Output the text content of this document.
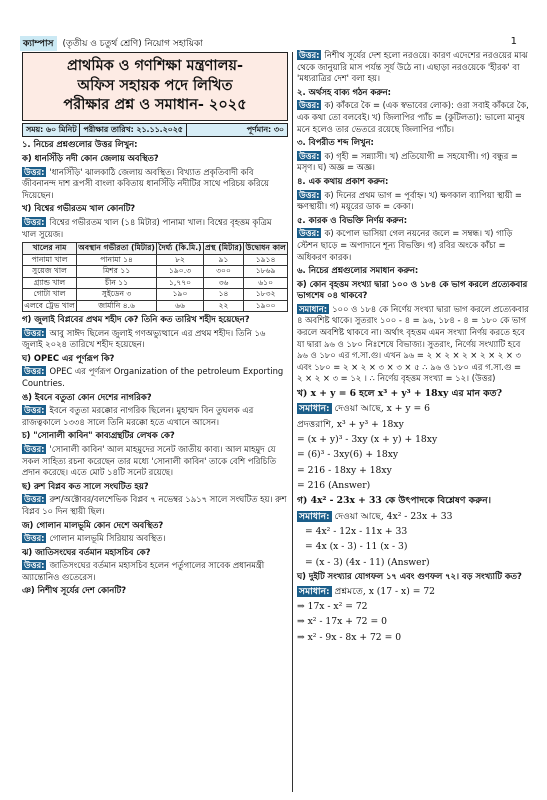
ক্যাম্পাস	(তৃতীয় ও চতুর্থ শ্রেণি) নিয়োগ সহায়িকা	1
প্রাথমিক ও গণশিক্ষা মন্ত্রণালয়-
অফিস সহায়ক পদে লিখিত
পরীক্ষার প্রশ্ন ও সমাধান- ২০২৫
সময়: ৬০ মিনিট পরীক্ষার তারিখ: ২১.১১.২০২৫	পূর্ণমান: ৩০

১. নিচের প্রশ্নগুলোর উত্তর লিখুন:

ক) ধানসিঁড়ি নদী কোন জেলায় অবস্থিত?

উত্তর: 'ধানসিঁড়ি' ঝালকাঠি জেলায় অবস্থিত। বিখ্যাত প্রকৃতিবাদী কবি জীবনানন্দ দাশ রূপসী বাংলা কবিতায় ধানসিঁড়ি নদীটির সাথে পরিচয় করিয়ে দিয়েছেন।

খ) বিশ্বের গভীরতম খাল কোনটি?

উত্তর: বিশ্বের গভীরতম খাল (১৪ মিটার) পানামা খাল। বিশ্বের বৃহত্তম কৃত্রিম খাল সুয়েজ।

খালের নাম	অবস্থান গভীরতা (মিটার)	দৈর্ঘ্য (কি.মি.)	প্রস্থ (মিটার)	উদ্বোধন কাল
পানামা খাল	পানামা ১৪	৮২	৯১	১৯১৪
সুয়েজ খাল	মিশর ১১	১৯০.৩	৩০০	১৮৬৯
গ্র্যান্ড খাল	চীন ১১	১,৭৭০	৩৬	৬১০
গোটা খাল	সুইডেন ৩	১৯০	১৪	১৮৩২
এলবে ট্রেভ খাল	জার্মানি ৪.৬	৬৬	২২	১৯০০

গ) জুলাই বিপ্লবের প্রথম শহীদ কে? তিনি কত তারিখ শহীদ হয়েছেন?

উত্তর: আবু সাঈদ ছিলেন জুলাই গণঅভ্যুত্থানে এর প্রথম শহীদ। তিনি ১৬ জুলাই ২০২৪ তারিখে শহীদ হয়েছেন।

ঘ) OPEC এর পূর্ণরূপ কি?

উত্তর: OPEC এর পূর্ণরূপ Organization of the petroleum Exporting Countries.

ঙ) ইবনে বতুতা কোন দেশের নাগরিক?

উত্তর: ইবনে বতুতা মরক্কোর নাগরিক ছিলেন। মুহাম্মদ বিন তুঘলক এর রাজত্বকালে ১৩৩৪ সালে তিনি মরক্কো হতে এখানে আসেন।

চ) "সোনালী কাবিন" কাব্যগ্রন্থটির লেখক কে?

উত্তর: 'সোনালী কাবিন' আল মাহমুদের সনেট জাতীয় কাব্য। আল মাহমুদ যে সকল সাহিত্য রচনা করেছেন তার মধ্যে 'সোনালী কাবিন' তাকে বেশি পরিচিতি প্রদান করেছে। এতে মোট ১৪টি সনেট রয়েছে।

ছ) রুশ বিপ্লব কত সালে সংঘটিত হয়?

উত্তর: রুশ/অক্টোবর/বলশেভিক বিপ্লব ৭ নভেম্বর ১৯১৭ সালে সংঘটিত হয়। রুশ বিপ্লব ১০ দিন স্থায়ী ছিল।

জ) গোলান মালভূমি কোন দেশে অবস্থিত?

উত্তর: গোলান মালভূমি সিরিয়ায় অবস্থিত।

ঝ) জাতিসংঘের বর্তমান মহাসচিব কে?

উত্তর: জাতিসংঘের বর্তমান মহাসচিব হলেন পর্তুগালের সাবেক প্রধানমন্ত্রী অ্যান্তোনিও গুতেরেস।

ঞ) নিশীথ সূর্যের দেশ কোনটি?

উত্তর: নিশীথ সূর্যের দেশ হলো নরওয়ে। কারণ এদেশের নরওয়ের মাঝ থেকে জানুয়ারি মাস পর্যন্ত সূর্য উঠে না। এছাড়া নরওয়েকে 'হীরক' বা 'মধ্যরাত্রির দেশ' বলা হয়।

২. অর্থসহ বাক্য গঠন করুন:

উত্তর: ক) কাঁকরে কৈ = (এক স্বভাবের লোক): ওরা সবাই কাঁকরে কৈ, এক কথা তো বলবেই। খ) জিলাপির প্যাঁচ = (কুটিলতা): ভালো মানুষ মনে হলেও তার ভেতরে রয়েছে জিলাপির প্যাঁচ।

৩. বিপরীত শব্দ লিখুন:

উত্তর: ক) গৃহী = সন্ন্যাসী। খ) প্রতিযোগী = সহযোগী। গ) বন্ধুর = মসৃণ। ঘ) অজ্ঞ = অজ্ঞ।

৪. এক কথায় প্রকাশ করুন:

উত্তর: ক) দিনের প্রথম ভাগ = পূর্বাহ্ন। খ) ক্ষণকাল ব্যাপিয়া স্থায়ী = ক্ষণস্থায়ী। গ) ময়ূরের ডাক = কেকা।

৫. কারক ও বিভক্তি নির্ণয় করুন:

উত্তর: ক) কপোল ভাসিয়া গেল নয়নের জলে = সম্বন্ধ। খ) গাড়ি স্টেশন ছাড়ে = অপাদানে শূন্য বিভক্তি। গ) রবির অংকে কাঁচা = অধিকরণ কারক।

৬. নিচের প্রশ্নগুলোর সমাধান করুন:

ক) কোন বৃহত্তম সংখ্যা দ্বারা ১০০ ও ১৮৪ কে ভাগ করলে প্রত্যেকবার ভাগশেষ ০৪ থাকবে?

সমাধান: ১০০ ও ১৮৪ কে নির্ণেয় সংখ্যা দ্বারা ভাগ করলে প্রত্যেকবার ৪ অবশিষ্ট থাকে। সুতরাং ১০০ - ৪ = ৯৬, ১৮৪ - ৪ = ১৮০ কে ভাগ করলে অবশিষ্ট থাকবে না। অর্থাৎ বৃহত্তম এমন সংখ্যা নির্ণয় করতে হবে যা দ্বারা ৯৬ ও ১৮০ নিঃশেষে বিভাজ্য। সুতরাং, নির্ণেয় সংখ্যাটি হবে ৯৬ ও ১৮০ এর গ.সা.গু। এখন ৯৬ = ২ × ২ × ২ × ২ × ২ × ৩ এবং ১৮০ = ২ × ২ × ৩ × ৩ × ৫ ∴ ৯৬ ও ১৮০ এর গ.সা.গু = ২ × ২ × ৩ = ১২ । ∴ নির্ণেয় বৃহত্তম সংখ্যা = ১২। (উত্তর)

খ) x + y = 6 হলে x³ + y³ + 18xy এর মান কত?

সমাধান: দেওয়া আছে, x + y = 6

প্রদত্তরাশি, x³ + y³ + 18xy

= (x + y)³ - 3xy (x + y) + 18xy

= (6)³ - 3xy(6) + 18xy

= 216 - 18xy + 18xy

= 216 (Answer)

গ) 4x² - 23x + 33 কে উৎপাদকে বিশ্লেষণ করুন।

সমাধান: দেওয়া আছে, 4x² - 23x + 33

= 4x² - 12x - 11x + 33

= 4x (x - 3) - 11 (x - 3)

= (x - 3) (4x - 11) (Answer)

ঘ) দুইটি সংখ্যার যোগফল ১৭ এবং গুণফল ৭২। বড় সংখ্যাটি কত?

সমাধান: প্রশ্নমতে, x (17 - x) = 72

⇒ 17x - x² = 72

⇒ x² - 17x + 72 = 0

⇒ x² - 9x - 8x + 72 = 0
